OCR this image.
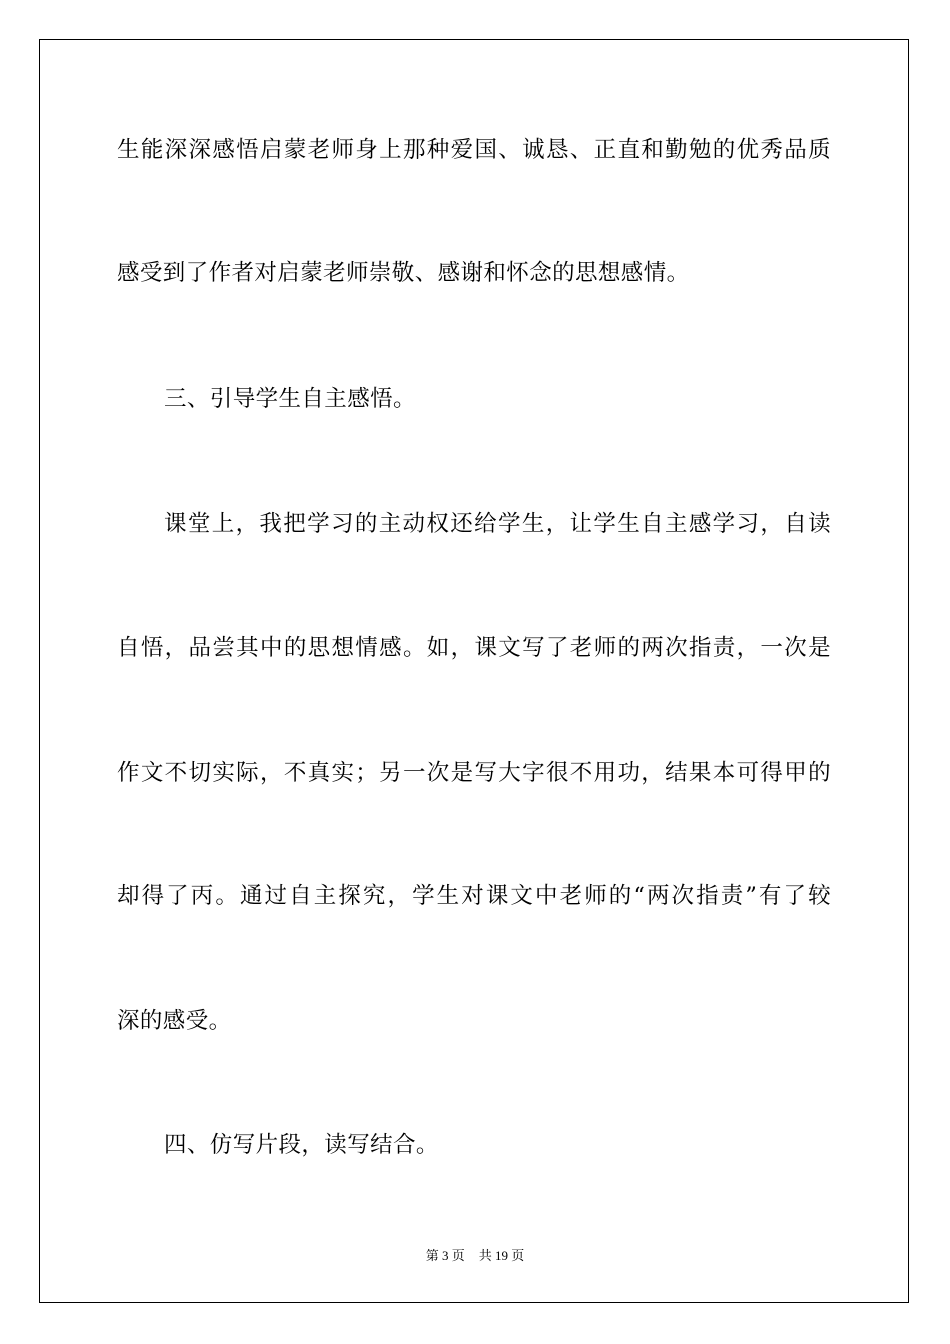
生能深深感悟启蒙老师身上那种爱国、诚恳、正直和勤勉的优秀品质
感受到了作者对启蒙老师崇敬、感谢和怀念的思想感情。
三、引导学生自主感悟。
课堂上，我把学习的主动权还给学生，让学生自主感学习，自读
自悟，品尝其中的思想情感。如，课文写了老师的两次指责，一次是
作文不切实际，不真实；另一次是写大字很不用功，结果本可得甲的
却得了丙。通过自主探究，学生对课文中老师的“两次指责”有了较
深的感受。
四、仿写片段，读写结合。
第 3 页 共 19 页
